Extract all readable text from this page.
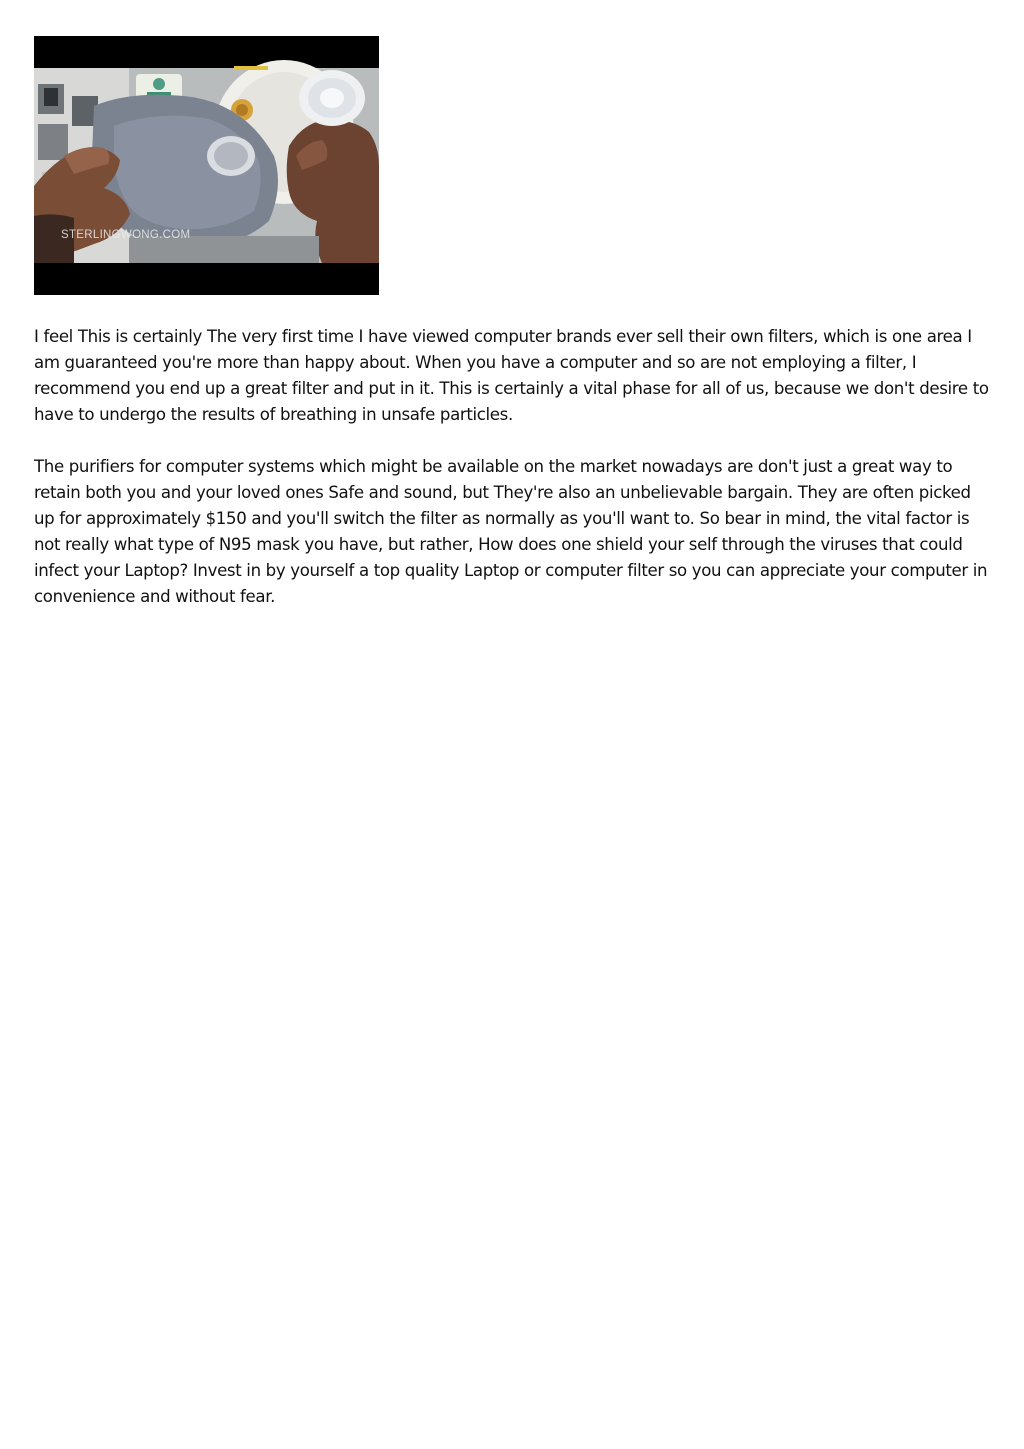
STERLINGWONG.COM

I feel This is certainly The very first time I have viewed computer brands ever sell their own filters, which is one area I am guaranteed you're more than happy about. When you have a computer and so are not employing a filter, I recommend you end up a great filter and put in it. This is certainly a vital phase for all of us, because we don't desire to have to undergo the results of breathing in unsafe particles.

The purifiers for computer systems which might be available on the market nowadays are don't just a great way to retain both you and your loved ones Safe and sound, but They're also an unbelievable bargain. They are often picked up for approximately $150 and you'll switch the filter as normally as you'll want to. So bear in mind, the vital factor is not really what type of N95 mask you have, but rather, How does one shield your self through the viruses that could infect your Laptop? Invest in by yourself a top quality Laptop or computer filter so you can appreciate your computer in convenience and without fear.
